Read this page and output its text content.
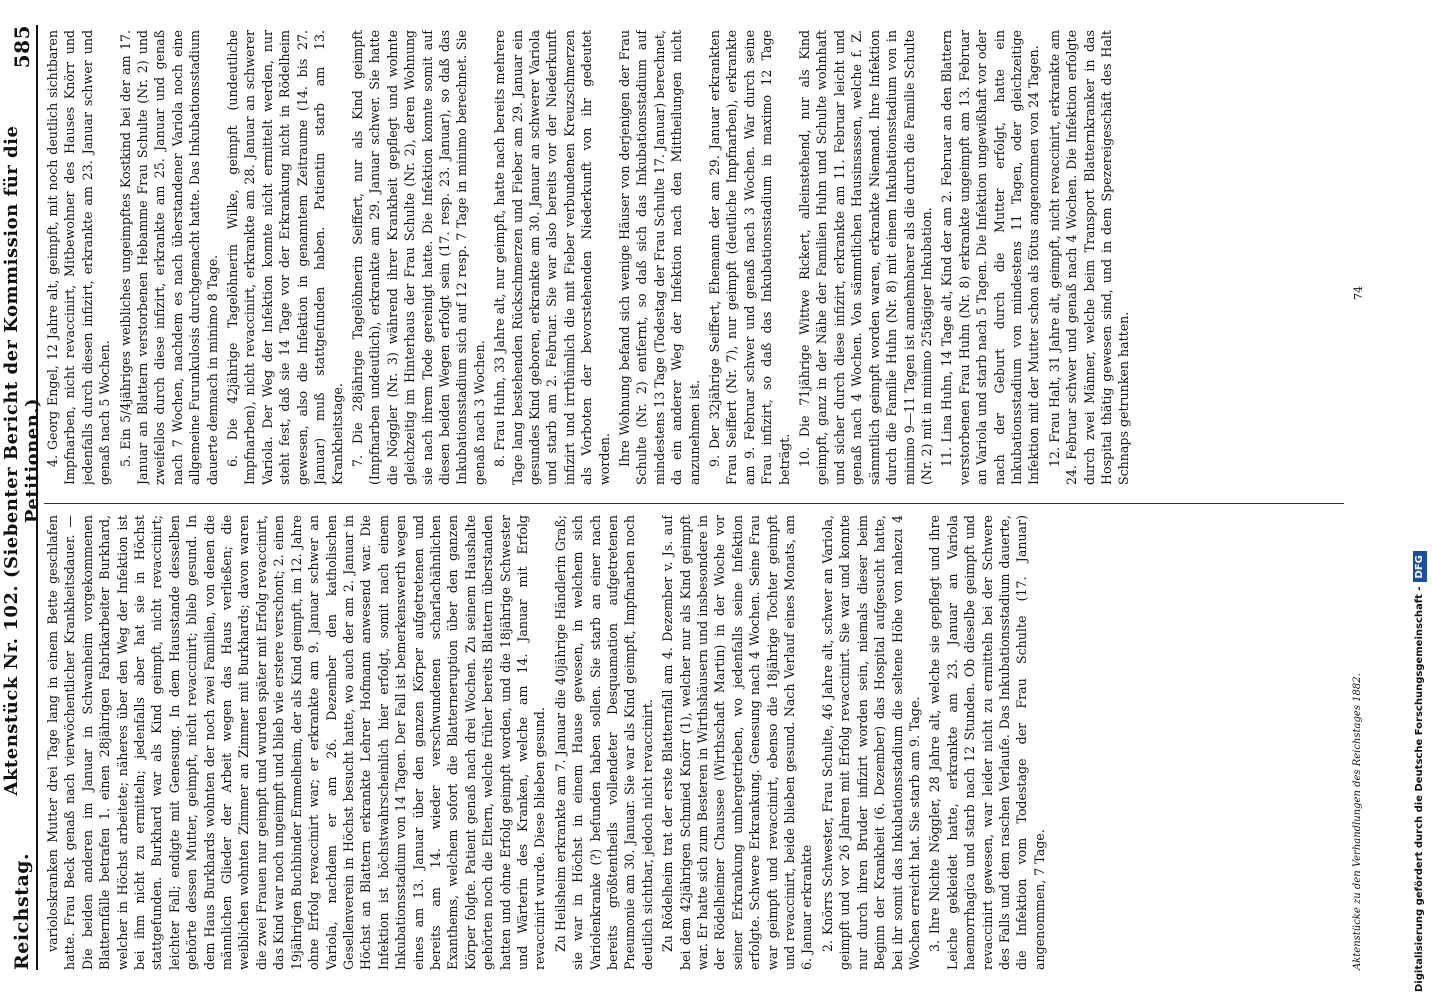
Reichstag.
Aktenstück Nr. 102. (Siebenter Bericht der Kommission für die Petitionen.)
585

varioloskranken Mutter drei Tage lang in einem Bette geschlafen hatte. Frau Beck genaß nach vierwöchentlicher Krankheitsdauer. — Die beiden anderen im Januar in Schwanheim vorgekommenen Blatternfälle betrafen 1. einen 28jährigen Fabrikarbeiter Burkhard, welcher in Höchst arbeitete; näheres über den Weg der Infektion ist bei ihm nicht zu ermitteln; jedenfalls aber hat sie in Höchst stattgefunden. Burkhard war als Kind geimpft, nicht revaccinirt; leichter Fall; endigte mit Genesung. In dem Hausstande desselben gehörte dessen Mutter, geimpft, nicht revaccinirt; blieb gesund. In dem Haus Burkhards wohnten der noch zwei Familien, von denen die männlichen Glieder der Arbeit wegen das Haus verließen; die weiblichen wohnten Zimmer an Zimmer mit Burkhards; davon waren die zwei Frauen nur geimpft und wurden später mit Erfolg revaccinirt, das Kind war noch ungeimpft und blieb wie erstere verschont; 2. einen 19jährigen Buchbinder Emmelheim, der als Kind geimpft, im 12. Jahre ohne Erfolg revaccinirt war; er erkrankte am 9. Januar schwer an Variola, nachdem er am 26. Dezember den katholischen Gesellenverein in Höchst besucht hatte, wo auch der am 2. Januar in Höchst an Blattern erkrankte Lehrer Hofmann anwesend war. Die Infektion ist höchstwahrscheinlich hier erfolgt, somit nach einem Inkubationsstadium von 14 Tagen. Der Fall ist bemerkenswerth wegen eines am 13. Januar über den ganzen Körper aufgetretenen und bereits am 14. wieder verschwundenen scharlachähnlichen Exanthems, welchem sofort die Blatterneruption über den ganzen Körper folgte. Patient genaß nach drei Wochen. Zu seinem Haushalte gehörten noch die Eltern, welche früher bereits Blattern überstanden hatten und ohne Erfolg geimpft worden, und die 18jährige Schwester und Wärterin des Kranken, welche am 14. Januar mit Erfolg revaccinirt wurde. Diese blieben gesund. Zu Heilsheim erkrankte am 7. Januar die 40jährige Händlerin Graß; sie war in Höchst in einem Hause gewesen, in welchem sich Variolenkranke (?) befunden haben sollen. Sie starb an einer nach bereits größtentheils vollendeter Desquamation aufgetretenen Pneumonie am 30. Januar. Sie war als Kind geimpft, Impfnarben noch deutlich sichtbar, jedoch nicht revaccinirt. Zu Rödelheim trat der erste Blatternfall am 4. Dezember v. Js. auf bei dem 42jährigen Schmied Knörr (1), welcher nur als Kind geimpft war. Er hatte sich zum Besteren in Wirthshäusern und insbesondere in der Rödelheimer Chaussee (Wirthschaft Martin) in der Woche vor seiner Erkrankung umhergetrieben, wo jedenfalls seine Infektion erfolgte. Schwere Erkrankung. Genesung nach 4 Wochen. Seine Frau war geimpft und revaccinirt, ebenso die 18jährige Tochter geimpft und revaccinirt, beide blieben gesund. Nach Verlauf eines Monats, am 6. Januar erkrankte 2. Knörrs Schwester, Frau Schulte, 46 Jahre alt, schwer an Variola, geimpft und vor 26 Jahren mit Erfolg revaccinirt. Sie war und konnte nur durch ihren Bruder infizirt worden sein, niemals dieser beim Beginn der Krankheit (6. Dezember) das Hospital aufgesucht hatte, bei ihr somit das Inkubationsstadium die seltene Höhe von nahezu 4 Wochen erreicht hat. Sie starb am 9. Tage. 3. Ihre Nichte Nöggler, 28 Jahre alt, welche sie gepflegt und ihre Leiche gekleidet hatte, erkrankte am 23. Januar an Variola haemorrhagica und starb nach 12 Stunden. Ob dieselbe geimpft und revaccinirt gewesen, war leider nicht zu ermitteln bei der Schwere des Falls und dem raschen Verlaufe. Das Inkubationsstadium dauerte, die Infektion vom Todestage der Frau Schulte (17. Januar) angenommen, 7 Tage.

4. Georg Engel, 12 Jahre alt, geimpft, mit noch deutlich sichtbaren Impfnarben, nicht revaccinirt, Mitbewohner des Hauses Knörr und jedenfalls durch diesen infizirt, erkrankte am 23. Januar schwer und genaß nach 5 Wochen. 5. Ein 5/4jähriges weibliches ungeimpftes Kostkind bei der am 17. Januar an Blattern verstorbenen Hebamme Frau Schulte (Nr. 2) und zweifellos durch diese infizirt, erkrankte am 25. Januar und genaß nach 7 Wochen, nachdem es nach überstandener Variola noch eine allgemeine Furunkulosis durchgemacht hatte. Das Inkubationsstadium dauerte demnach in minimo 8 Tage. 6. Die 42jährige Tagelöhnerin Wilke, geimpft (undeutliche Impfnarben), nicht revaccinirt, erkrankte am 28. Januar an schwerer Variola. Der Weg der Infektion konnte nicht ermittelt werden, nur steht fest, daß sie 14 Tage vor der Erkrankung nicht in Rödelheim gewesen, also die Infektion in genanntem Zeitraume (14. bis 27. Januar) muß stattgefunden haben. Patientin starb am 13. Krankheitstage. 7. Die 28jährige Tagelöhnerin Seiffert, nur als Kind geimpft (Impfnarben undeutlich), erkrankte am 29. Januar schwer. Sie hatte die Nöggler (Nr. 3) während ihrer Krankheit gepflegt und wohnte gleichzeitig im Hinterhaus der Frau Schulte (Nr. 2), deren Wohnung sie nach ihrem Tode gereinigt hatte. Die Infektion konnte somit auf diesen beiden Wegen erfolgt sein (17. resp. 23. Januar), so daß das Inkubationsstadium sich auf 12 resp. 7 Tage in minimo berechnet. Sie genaß nach 3 Wochen. 8. Frau Huhn, 33 Jahre alt, nur geimpft, hatte nach bereits mehrere Tage lang bestehenden Rückschmerzen und Fieber am 29. Januar ein gesundes Kind geboren, erkrankte am 30. Januar an schwerer Variola und starb am 2. Februar. Sie war also bereits vor der Niederkunft infizirt und irrthümlich die mit Fieber verbundenen Kreuzschmerzen als Vorboten der bevorstehenden Niederkunft von ihr gedeutet worden. Ihre Wohnung befand sich wenige Häuser von derjenigen der Frau Schulte (Nr. 2) entfernt, so daß sich das Inkubationsstadium auf mindestens 13 Tage (Todestag der Frau Schulte 17. Januar) berechnet, da ein anderer Weg der Infektion nach den Mittheilungen nicht anzunehmen ist. 9. Der 32jährige Seiffert, Ehemann der am 29. Januar erkrankten Frau Seiffert (Nr. 7), nur geimpft (deutliche Impfnarben), erkrankte am 9. Februar schwer und genaß nach 3 Wochen. War durch seine Frau infizirt, so daß das Inkubationsstadium in maximo 12 Tage beträgt. 10. Die 71jährige Wittwe Rickert, alleinstehend, nur als Kind geimpft, ganz in der Nähe der Familien Huhn und Schulte wohnhaft und sicher durch diese infizirt, erkrankte am 11. Februar leicht und genaß nach 4 Wochen. Von sämmtlichen Hausinsassen, welche f. Z. sämmtlich geimpft worden waren, erkrankte Niemand. Ihre Infektion durch die Familie Huhn (Nr. 8) mit einem Inkubationsstadium von in minimo 9—11 Tagen ist annehmbarer als die durch die Familie Schulte (Nr. 2) mit in minimo 25tägiger Inkubation. 11. Lina Huhn, 14 Tage alt, Kind der am 2. Februar an den Blattern verstorbenen Frau Huhn (Nr. 8) erkrankte ungeimpft am 13. Februar an Variola und starb nach 5 Tagen. Die Infektion ungewißhaft vor oder nach der Geburt durch die Mutter erfolgt, hatte ein Inkubationsstadium von mindestens 11 Tagen, oder gleichzeitige Infektion mit der Mutter schon als fötus angenommen von 24 Tagen. 12. Frau Halt, 31 Jahre alt, geimpft, nicht revaccinirt, erkrankte am 24. Februar schwer und genaß nach 4 Wochen. Die Infektion erfolgte durch zwei Männer, welche beim Transport Blatternkranker in das Hospital thätig gewesen sind, und in dem Spezereigeschäft des Halt Schnaps getrunken hatten.

Aktenstücke zu den Verhandlungen des Reichstages 1882.
74
Digitalisierung gefördert durch die Deutsche Forschungsgemeinschaft -DFG
